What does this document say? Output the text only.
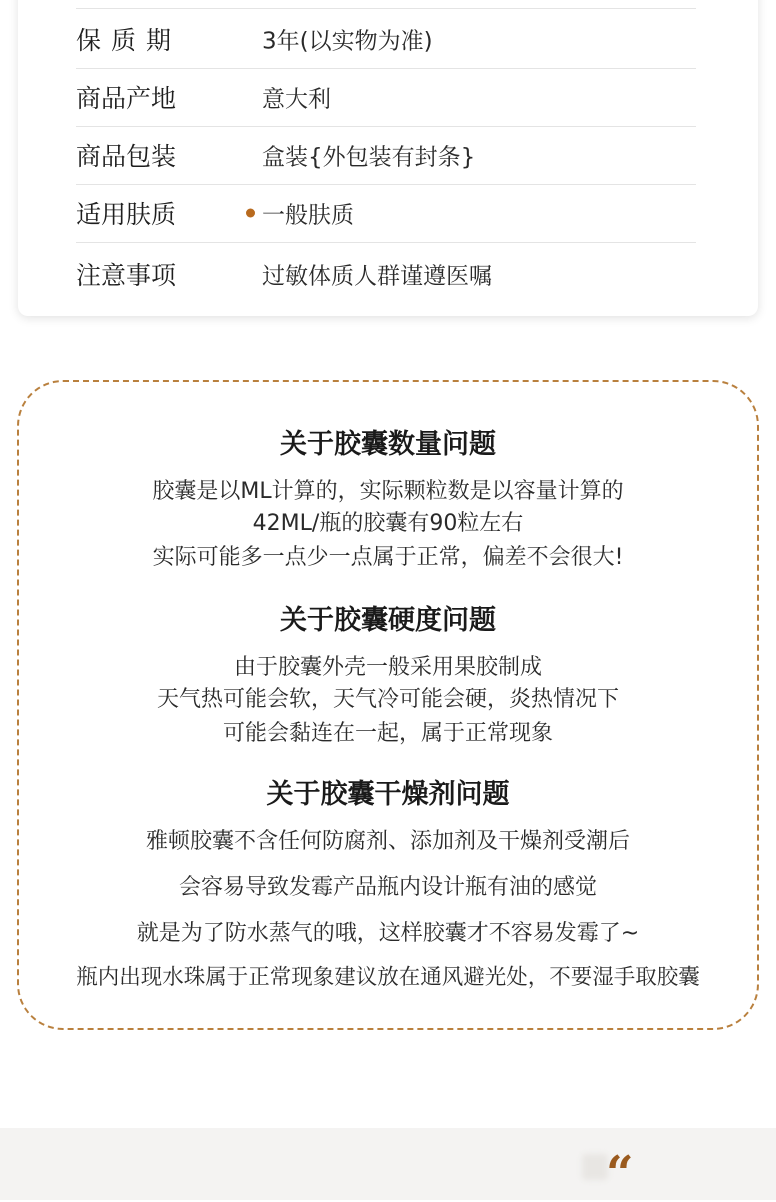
保质期	3年(以实物为准)
商品产地	意大利
商品包装	盒装{外包装有封条}
适用肤质	一般肤质
注意事项	过敏体质人群谨遵医嘱
关于胶囊数量问题
胶囊是以ML计算的，实际颗粒数是以容量计算的
42ML/瓶的胶囊有90粒左右
实际可能多一点少一点属于正常，偏差不会很大!
关于胶囊硬度问题
由于胶囊外壳一般采用果胶制成
天气热可能会软，天气冷可能会硬，炎热情况下
可能会黏连在一起，属于正常现象
关于胶囊干燥剂问题
雅顿胶囊不含任何防腐剂、添加剂及干燥剂受潮后
会容易导致发霉产品瓶内设计瓶有油的感觉
就是为了防水蒸气的哦，这样胶囊才不容易发霉了~
瓶内出现水珠属于正常现象建议放在通风避光处，不要湿手取胶囊
“
